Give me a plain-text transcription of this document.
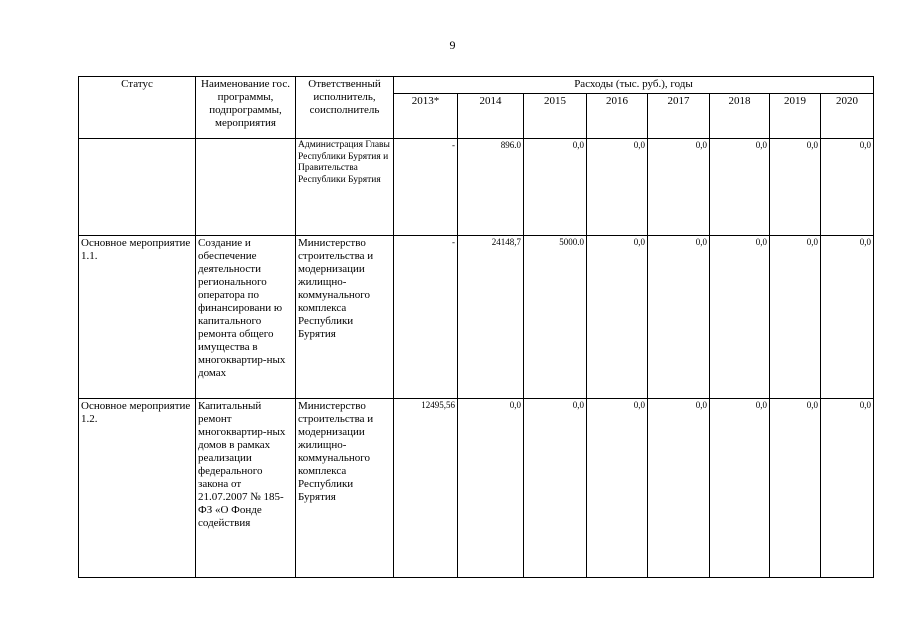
9
Статус	Наименование гос. программы, подпрограммы, мероприятия	Ответственный исполнитель, соисполнитель	Расходы (тыс. руб.), годы							
			2013*	2014	2015	2016	2017	2018	2019	2020
		Администрация Главы Республики Бурятия и Правительства Республики Бурятия	-	896.0	0,0	0,0	0,0	0,0	0,0	0,0
Основное мероприятие 1.1.	Создание и обеспечение деятельности регионального оператора по финансировани ю капитального ремонта общего имущества в многоквартир-ных домах	Министерство строительства и модернизации жилищно-коммунального комплекса Республики Бурятия	-	24148,7	5000.0	0,0	0,0	0,0	0,0	0,0
Основное мероприятие 1.2.	Капитальный ремонт многоквартир-ных домов в рамках реализации федерального закона от 21.07.2007 № 185-ФЗ «О Фонде содействия	Министерство строительства и модернизации жилищно-коммунального комплекса Республики Бурятия	12495,56	0,0	0,0	0,0	0,0	0,0	0,0	0,0
